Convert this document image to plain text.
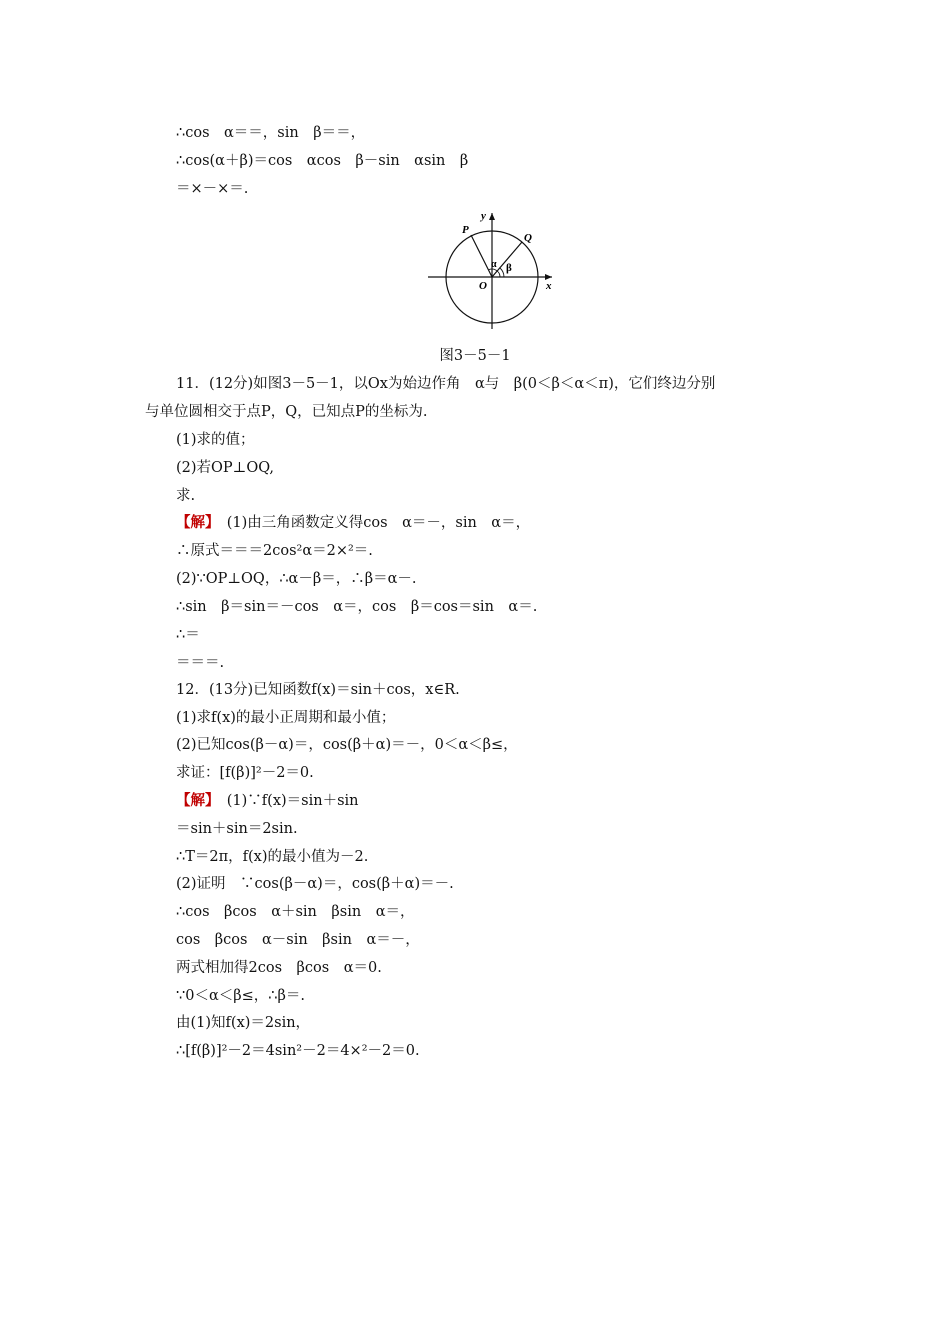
∴cos　α＝＝，sin　β＝＝，
∴cos(α＋β)＝cos　αcos　β－sin　αsin　β
＝×－×＝.
y
x
O
P
Q
α β
图3－5－1
11．(12分)如图3－5－1，以Ox为始边作角　α与　β(0＜β＜α＜π)，它们终边分别
与单位圆相交于点P，Q，已知点P的坐标为.
(1)求的值；
(2)若OP⊥OQ,
求.
【解】　(1)由三角函数定义得cos　α＝－，sin　α＝，
∴原式＝＝＝2cos²α＝2×²＝.
(2)∵OP⊥OQ，∴α－β＝，∴β＝α－.
∴sin　β＝sin＝－cos　α＝，cos　β＝cos＝sin　α＝.
∴＝
＝＝＝.
12．(13分)已知函数f(x)＝sin＋cos，x∈R.
(1)求f(x)的最小正周期和最小值；
(2)已知cos(β－α)＝，cos(β＋α)＝－，0＜α＜β≤，
求证：[f(β)]²－2＝0.
【解】　(1)∵f(x)＝sin＋sin
＝sin＋sin＝2sin.
∴T＝2π，f(x)的最小值为－2.
(2)证明　∵cos(β－α)＝，cos(β＋α)＝－.
∴cos　βcos　α＋sin　βsin　α＝，
cos　βcos　α－sin　βsin　α＝－，
两式相加得2cos　βcos　α＝0.
∵0＜α＜β≤，∴β＝.
由(1)知f(x)＝2sin，
∴[f(β)]²－2＝4sin²－2＝4×²－2＝0.
